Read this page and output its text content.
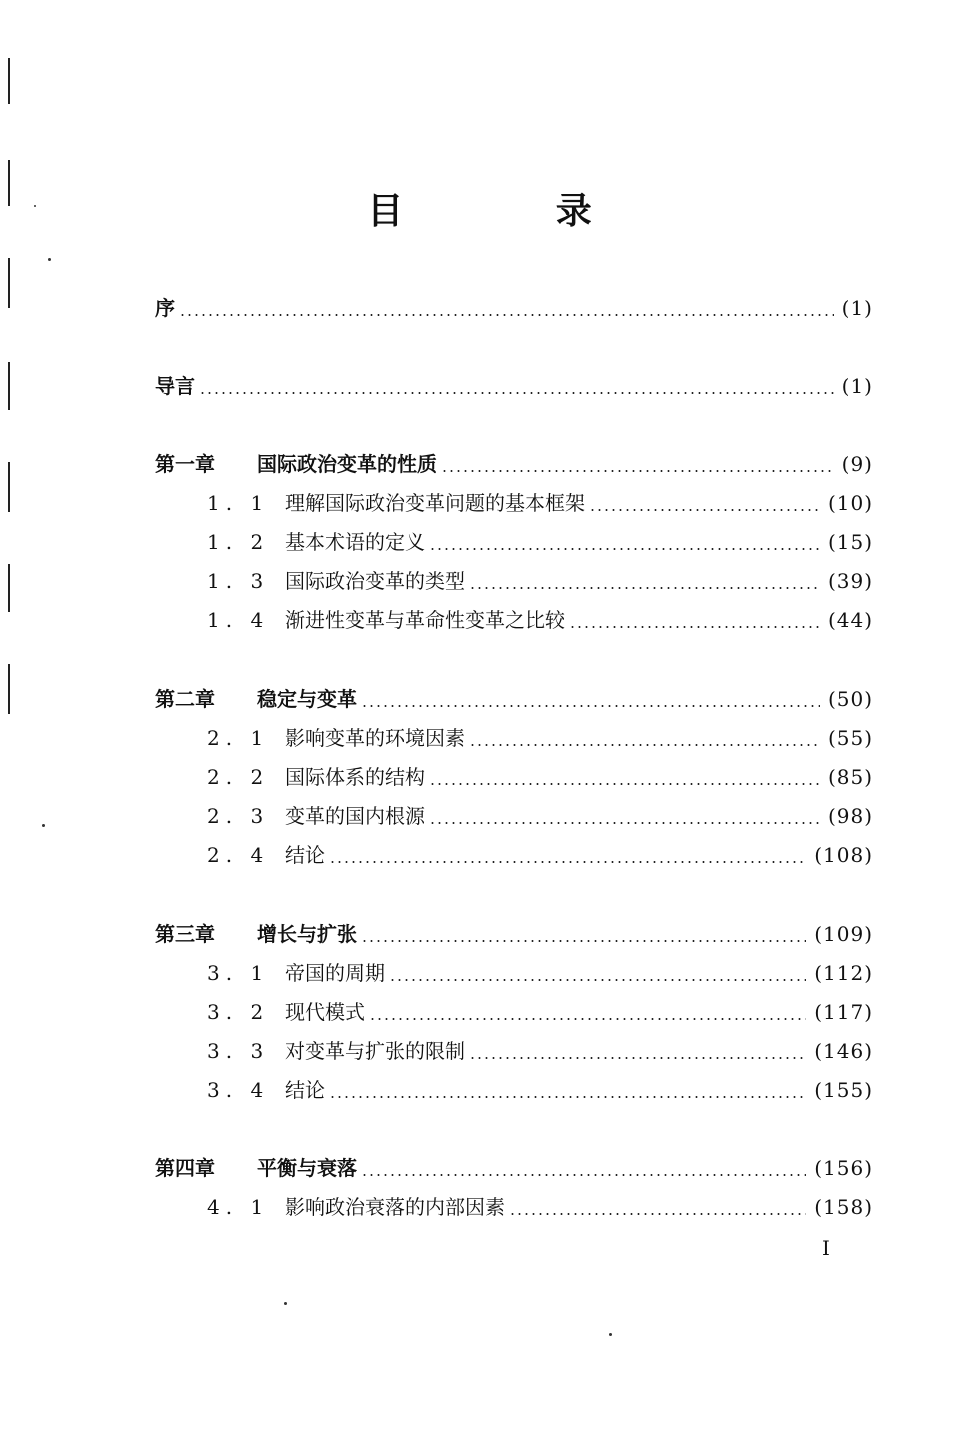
目 录
序	(1)
导言	(1)
第一章	国际政治变革的性质	(9)
1. 1 理解国际政治变革问题的基本框架	(10)
1. 2 基本术语的定义	(15)
1. 3 国际政治变革的类型	(39)
1. 4 渐进性变革与革命性变革之比较	(44)
第二章	稳定与变革	(50)
2. 1 影响变革的环境因素	(55)
2. 2 国际体系的结构	(85)
2. 3 变革的国内根源	(98)
2. 4 结论	(108)
第三章	增长与扩张	(109)
3. 1 帝国的周期	(112)
3. 2 现代模式	(117)
3. 3 对变革与扩张的限制	(146)
3. 4 结论	(155)
第四章	平衡与衰落	(156)
4. 1 影响政治衰落的内部因素	(158)
I
